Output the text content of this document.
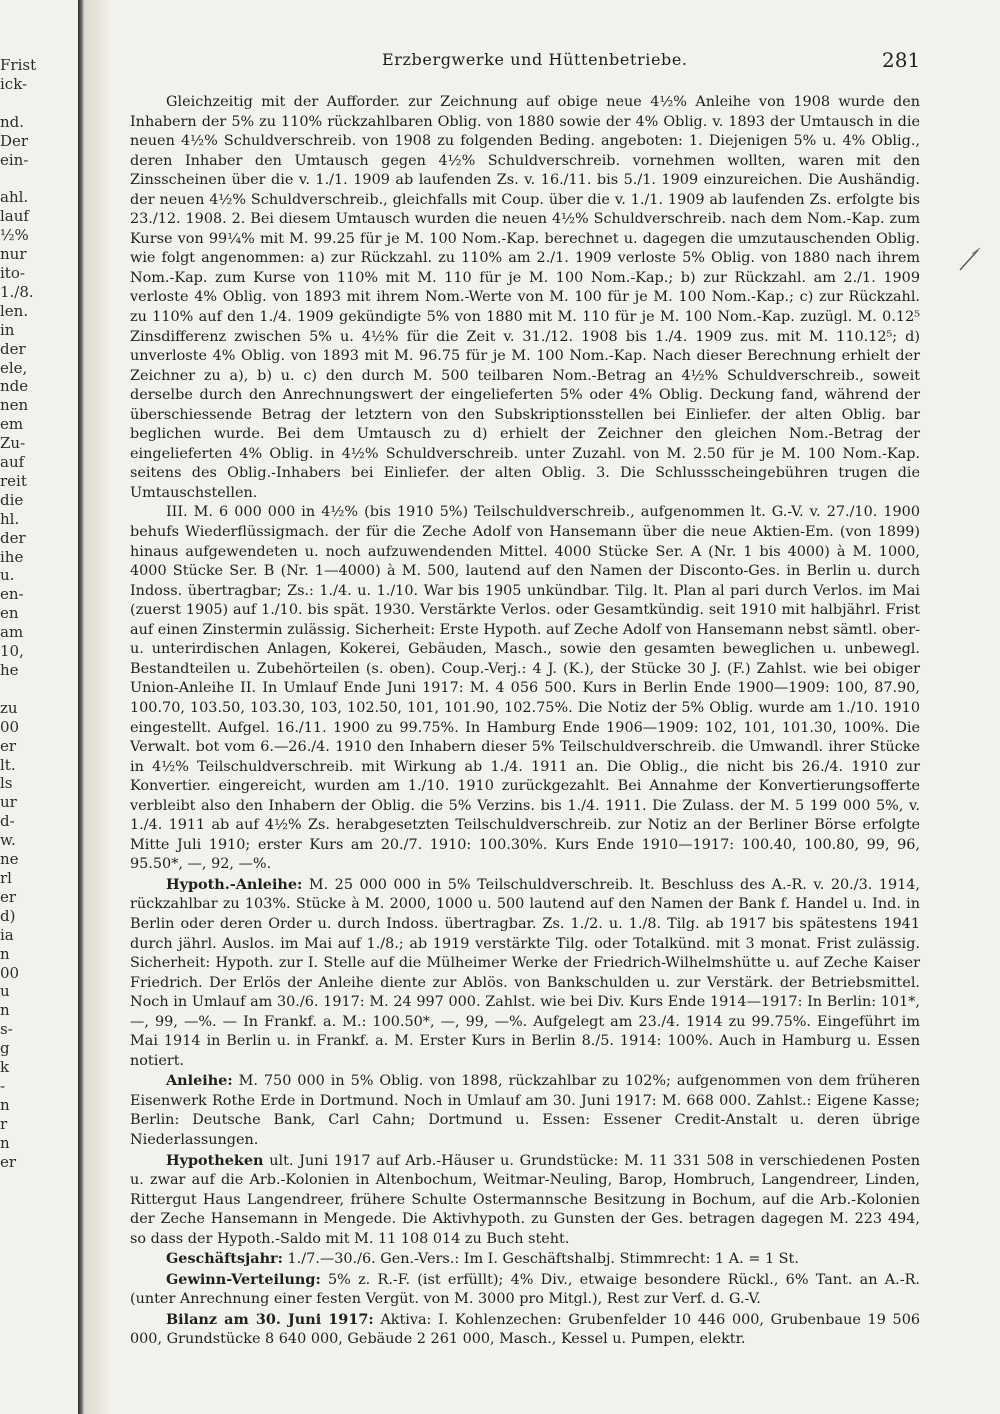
Frist
ick-

nd.
Der
ein-

ahl.
lauf
½%
nur
ito-
1./8.
len.
in
der
ele,
nde
nen
em
Zu-
auf
reit
die
hl.
der
ihe
u.
en-
en
am
10,
he

zu
00
er
lt.
ls
ur
d-
w.
ne
rl
er
d)
ia
n
00
u
n
s-
g
k
-
n
r
n
er

Erzbergwerke und Hüttenbetriebe.	281
Gleichzeitig mit der Aufforder. zur Zeichnung auf obige neue 4½% Anleihe von 1908 wurde den Inhabern der 5% zu 110% rückzahlbaren Oblig. von 1880 sowie der 4% Oblig. v. 1893 der Umtausch in die neuen 4½% Schuldverschreib. von 1908 zu folgenden Beding. angeboten: 1. Diejenigen 5% u. 4% Oblig., deren Inhaber den Umtausch gegen 4½% Schuldverschreib. vornehmen wollten, waren mit den Zinsscheinen über die v. 1./1. 1909 ab laufenden Zs. v. 16./11. bis 5./1. 1909 einzureichen. Die Aushändig. der neuen 4½% Schuldverschreib., gleichfalls mit Coup. über die v. 1./1. 1909 ab laufenden Zs. erfolgte bis 23./12. 1908. 2. Bei diesem Umtausch wurden die neuen 4½% Schuldverschreib. nach dem Nom.-Kap. zum Kurse von 99¼% mit M. 99.25 für je M. 100 Nom.-Kap. berechnet u. dagegen die umzutauschenden Oblig. wie folgt angenommen: a) zur Rückzahl. zu 110% am 2./1. 1909 verloste 5% Oblig. von 1880 nach ihrem Nom.-Kap. zum Kurse von 110% mit M. 110 für je M. 100 Nom.-Kap.; b) zur Rückzahl. am 2./1. 1909 verloste 4% Oblig. von 1893 mit ihrem Nom.-Werte von M. 100 für je M. 100 Nom.-Kap.; c) zur Rückzahl. zu 110% auf den 1./4. 1909 gekündigte 5% von 1880 mit M. 110 für je M. 100 Nom.-Kap. zuzügl. M. 0.12⁵ Zinsdifferenz zwischen 5% u. 4½% für die Zeit v. 31./12. 1908 bis 1./4. 1909 zus. mit M. 110.12⁵; d) unverloste 4% Oblig. von 1893 mit M. 96.75 für je M. 100 Nom.-Kap. Nach dieser Berechnung erhielt der Zeichner zu a), b) u. c) den durch M. 500 teilbaren Nom.-Betrag an 4½% Schuldverschreib., soweit derselbe durch den Anrechnungswert der eingelieferten 5% oder 4% Oblig. Deckung fand, während der überschiessende Betrag der letztern von den Subskriptionsstellen bei Einliefer. der alten Oblig. bar beglichen wurde. Bei dem Umtausch zu d) erhielt der Zeichner den gleichen Nom.-Betrag der eingelieferten 4% Oblig. in 4½% Schuldverschreib. unter Zuzahl. von M. 2.50 für je M. 100 Nom.-Kap. seitens des Oblig.-Inhabers bei Einliefer. der alten Oblig. 3. Die Schlussscheingebühren trugen die Umtauschstellen.
III. M. 6 000 000 in 4½% (bis 1910 5%) Teilschuldverschreib., aufgenommen lt. G.-V. v. 27./10. 1900 behufs Wiederflüssigmach. der für die Zeche Adolf von Hansemann über die neue Aktien-Em. (von 1899) hinaus aufgewendeten u. noch aufzuwendenden Mittel. 4000 Stücke Ser. A (Nr. 1 bis 4000) à M. 1000, 4000 Stücke Ser. B (Nr. 1—4000) à M. 500, lautend auf den Namen der Disconto-Ges. in Berlin u. durch Indoss. übertragbar; Zs.: 1./4. u. 1./10. War bis 1905 unkündbar. Tilg. lt. Plan al pari durch Verlos. im Mai (zuerst 1905) auf 1./10. bis spät. 1930. Verstärkte Verlos. oder Gesamtkündig. seit 1910 mit halbjährl. Frist auf einen Zinstermin zulässig. Sicherheit: Erste Hypoth. auf Zeche Adolf von Hansemann nebst sämtl. ober- u. unterirdischen Anlagen, Kokerei, Gebäuden, Masch., sowie den gesamten beweglichen u. unbewegl. Bestandteilen u. Zubehörteilen (s. oben). Coup.-Verj.: 4 J. (K.), der Stücke 30 J. (F.) Zahlst. wie bei obiger Union-Anleihe II. In Umlauf Ende Juni 1917: M. 4 056 500. Kurs in Berlin Ende 1900—1909: 100, 87.90, 100.70, 103.50, 103.30, 103, 102.50, 101, 101.90, 102.75%. Die Notiz der 5% Oblig. wurde am 1./10. 1910 eingestellt. Aufgel. 16./11. 1900 zu 99.75%. In Hamburg Ende 1906—1909: 102, 101, 101.30, 100%. Die Verwalt. bot vom 6.—26./4. 1910 den Inhabern dieser 5% Teilschuldverschreib. die Umwandl. ihrer Stücke in 4½% Teilschuldverschreib. mit Wirkung ab 1./4. 1911 an. Die Oblig., die nicht bis 26./4. 1910 zur Konvertier. eingereicht, wurden am 1./10. 1910 zurückgezahlt. Bei Annahme der Konvertierungsofferte verbleibt also den Inhabern der Oblig. die 5% Verzins. bis 1./4. 1911. Die Zulass. der M. 5 199 000 5%, v. 1./4. 1911 ab auf 4½% Zs. herabgesetzten Teilschuldverschreib. zur Notiz an der Berliner Börse erfolgte Mitte Juli 1910; erster Kurs am 20./7. 1910: 100.30%. Kurs Ende 1910—1917: 100.40, 100.80, 99, 96, 95.50*, —, 92, —%.
Hypoth.-Anleihe: M. 25 000 000 in 5% Teilschuldverschreib. lt. Beschluss des A.-R. v. 20./3. 1914, rückzahlbar zu 103%. Stücke à M. 2000, 1000 u. 500 lautend auf den Namen der Bank f. Handel u. Ind. in Berlin oder deren Order u. durch Indoss. übertragbar. Zs. 1./2. u. 1./8. Tilg. ab 1917 bis spätestens 1941 durch jährl. Auslos. im Mai auf 1./8.; ab 1919 verstärkte Tilg. oder Totalkünd. mit 3 monat. Frist zulässig. Sicherheit: Hypoth. zur I. Stelle auf die Mülheimer Werke der Friedrich-Wilhelmshütte u. auf Zeche Kaiser Friedrich. Der Erlös der Anleihe diente zur Ablös. von Bankschulden u. zur Verstärk. der Betriebsmittel. Noch in Umlauf am 30./6. 1917: M. 24 997 000. Zahlst. wie bei Div. Kurs Ende 1914—1917: In Berlin: 101*, —, 99, —%. — In Frankf. a. M.: 100.50*, —, 99, —%. Aufgelegt am 23./4. 1914 zu 99.75%. Eingeführt im Mai 1914 in Berlin u. in Frankf. a. M. Erster Kurs in Berlin 8./5. 1914: 100%. Auch in Hamburg u. Essen notiert.
Anleihe: M. 750 000 in 5% Oblig. von 1898, rückzahlbar zu 102%; aufgenommen von dem früheren Eisenwerk Rothe Erde in Dortmund. Noch in Umlauf am 30. Juni 1917: M. 668 000. Zahlst.: Eigene Kasse; Berlin: Deutsche Bank, Carl Cahn; Dortmund u. Essen: Essener Credit-Anstalt u. deren übrige Niederlassungen.
Hypotheken ult. Juni 1917 auf Arb.-Häuser u. Grundstücke: M. 11 331 508 in verschiedenen Posten u. zwar auf die Arb.-Kolonien in Altenbochum, Weitmar-Neuling, Barop, Hombruch, Langendreer, Linden, Rittergut Haus Langendreer, frühere Schulte Ostermannsche Besitzung in Bochum, auf die Arb.-Kolonien der Zeche Hansemann in Mengede. Die Aktivhypoth. zu Gunsten der Ges. betragen dagegen M. 223 494, so dass der Hypoth.-Saldo mit M. 11 108 014 zu Buch steht.
Geschäftsjahr: 1./7.—30./6. Gen.-Vers.: Im I. Geschäftshalbj. Stimmrecht: 1 A. = 1 St.
Gewinn-Verteilung: 5% z. R.-F. (ist erfüllt); 4% Div., etwaige besondere Rückl., 6% Tant. an A.-R. (unter Anrechnung einer festen Vergüt. von M. 3000 pro Mitgl.), Rest zur Verf. d. G.-V.
Bilanz am 30. Juni 1917: Aktiva: I. Kohlenzechen: Grubenfelder 10 446 000, Grubenbaue 19 506 000, Grundstücke 8 640 000, Gebäude 2 261 000, Masch., Kessel u. Pumpen, elektr.
